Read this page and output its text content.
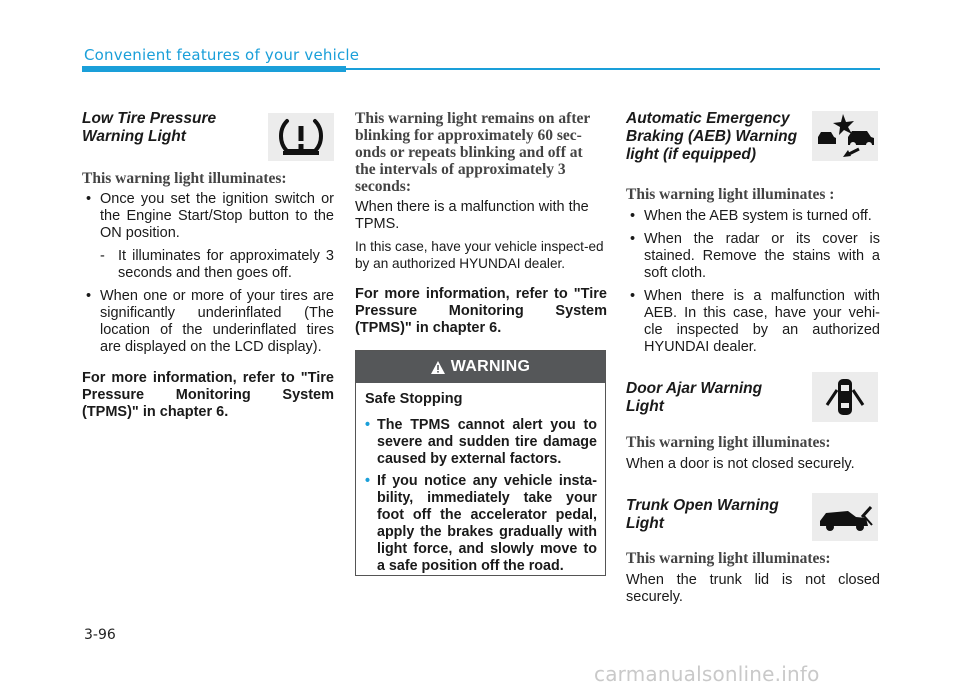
Convenient features of your vehicle

Low Tire Pressure

Warning Light

This warning light illuminates:

• Once you set the ignition switch or the Engine Start/Stop button to the ON position.
- It illuminates for approximately 3 seconds and then goes off.
• When one or more of your tires are significantly underinflated (The location of the underinflated tires are displayed on the LCD display).

For more information, refer to "Tire Pressure Monitoring System (TPMS)" in chapter 6.

This warning light remains on after blinking for approximately 60 sec-onds or repeats blinking and off at the intervals of approximately 3 seconds:

When there is a malfunction with the TPMS.

In this case, have your vehicle inspect-ed by an authorized HYUNDAI dealer.

For more information, refer to "Tire Pressure Monitoring System (TPMS)" in chapter 6.

WARNING

Safe Stopping

• The TPMS cannot alert you to severe and sudden tire damage caused by external factors.
• If you notice any vehicle insta-bility, immediately take your foot off the accelerator pedal, apply the brakes gradually with light force, and slowly move to a safe position off the road.

Automatic Emergency

Braking (AEB) Warning

light (if equipped)

This warning light illuminates :

• When the AEB system is turned off.
• When the radar or its cover is stained. Remove the stains with a soft cloth.
• When there is a malfunction with AEB. In this case, have your vehi-cle inspected by an authorized HYUNDAI dealer.

Door Ajar Warning

Light

This warning light illuminates:

When a door is not closed securely.

Trunk Open Warning

Light

This warning light illuminates:

When the trunk lid is not closed securely.

3-96
carmanualsonline.info
